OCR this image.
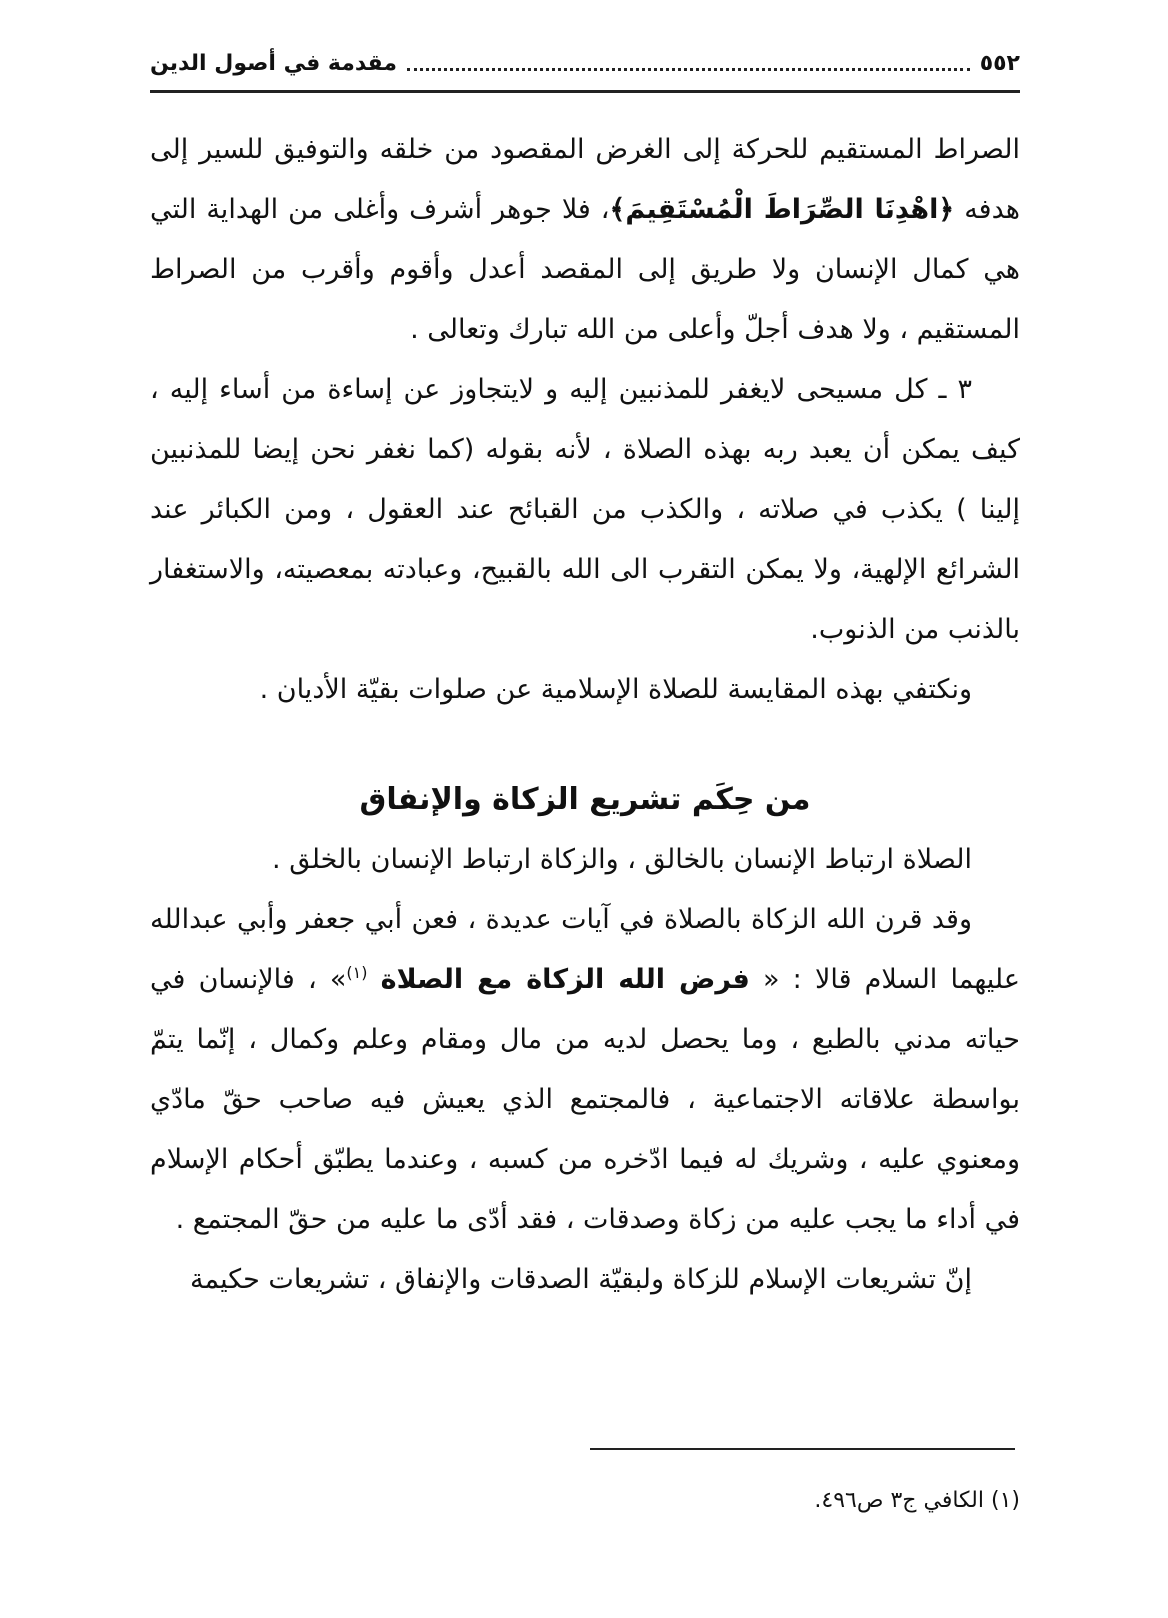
٥٥٢
مقدمة في أصول الدين

الصراط المستقيم للحركة إلى الغرض المقصود من خلقه والتوفيق للسير إلى هدفه ﴿اهْدِنَا الصِّرَاطَ الْمُسْتَقِيمَ﴾، فلا جوهر أشرف وأغلى من الهداية التي هي كمال الإنسان ولا طريق إلى المقصد أعدل وأقوم وأقرب من الصراط المستقيم ، ولا هدف أجلّ وأعلى من الله تبارك وتعالى .

٣ ـ كل مسيحى لايغفر للمذنبين إليه و لايتجاوز عن إساءة من أساء إليه ، كيف يمكن أن يعبد ربه بهذه الصلاة ، لأنه بقوله (كما نغفر نحن إيضا للمذنبين إلينا ) يكذب في صلاته ، والكذب من القبائح عند العقول ، ومن الكبائر عند الشرائع الإلهية، ولا يمكن التقرب الى الله بالقبيح، وعبادته بمعصيته، والاستغفار بالذنب من الذنوب.

ونكتفي بهذه المقايسة للصلاة الإسلامية عن صلوات بقيّة الأديان .

من حِكَم تشريع الزكاة والإنفاق

الصلاة ارتباط الإنسان بالخالق ، والزكاة ارتباط الإنسان بالخلق .

وقد قرن الله الزكاة بالصلاة في آيات عديدة ، فعن أبي جعفر وأبي عبدالله عليهما السلام قالا : « فرض الله الزكاة مع الصلاة $^{(١)}$» ، فالإنسان في حياته مدني بالطبع ، وما يحصل لديه من مال ومقام وعلم وكمال ، إنّما يتمّ بواسطة علاقاته الاجتماعية ، فالمجتمع الذي يعيش فيه صاحب حقّ مادّي ومعنوي عليه ، وشريك له فيما ادّخره من كسبه ، وعندما يطبّق أحكام الإسلام في أداء ما يجب عليه من زكاة وصدقات ، فقد أدّى ما عليه من حقّ المجتمع .

إنّ تشريعات الإسلام للزكاة ولبقيّة الصدقات والإنفاق ، تشريعات حكيمة

(١) الكافي ج٣ ص٤٩٦.
